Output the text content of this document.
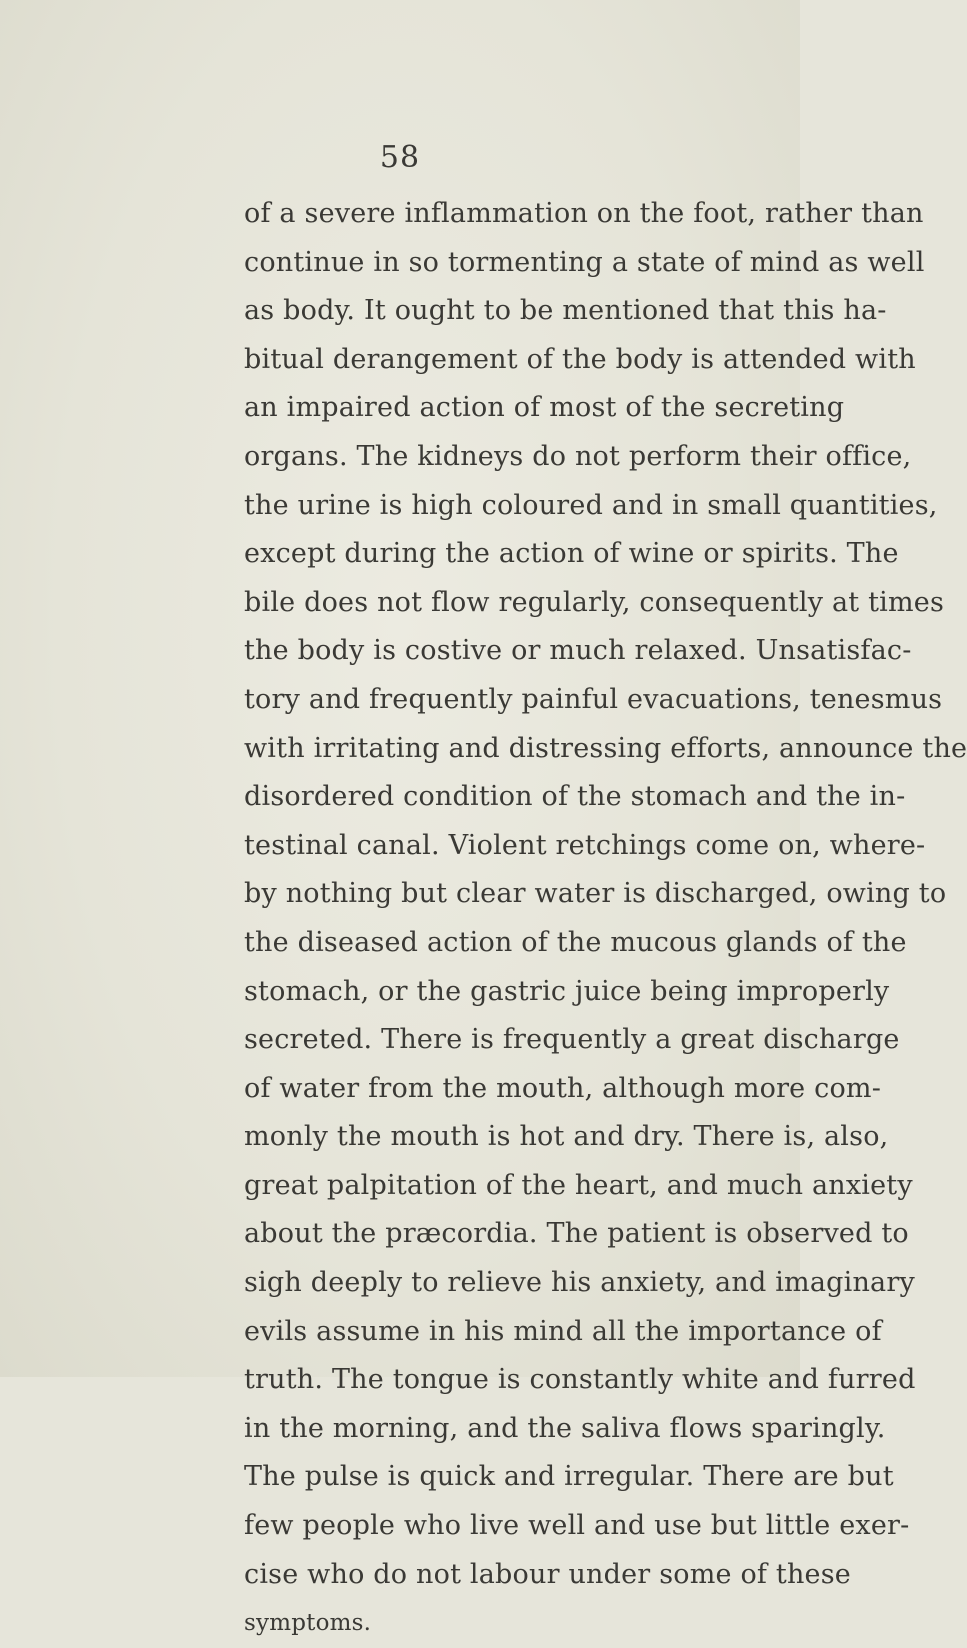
58
of a severe inflammation on the foot, rather than
continue in so tormenting a state of mind as well
as body. It ought to be mentioned that this ha-
bitual derangement of the body is attended with
an impaired action of most of the secreting
organs. The kidneys do not perform their office,
the urine is high coloured and in small quantities,
except during the action of wine or spirits. The
bile does not flow regularly, consequently at times
the body is costive or much relaxed. Unsatisfac-
tory and frequently painful evacuations, tenesmus
with irritating and distressing efforts, announce the
disordered condition of the stomach and the in-
testinal canal. Violent retchings come on, where-
by nothing but clear water is discharged, owing to
the diseased action of the mucous glands of the
stomach, or the gastric juice being improperly
secreted. There is frequently a great discharge
of water from the mouth, although more com-
monly the mouth is hot and dry. There is, also,
great palpitation of the heart, and much anxiety
about the præcordia. The patient is observed to
sigh deeply to relieve his anxiety, and imaginary
evils assume in his mind all the importance of
truth. The tongue is constantly white and furred
in the morning, and the saliva flows sparingly.
The pulse is quick and irregular. There are but
few people who live well and use but little exer-
cise who do not labour under some of these
symptoms.
